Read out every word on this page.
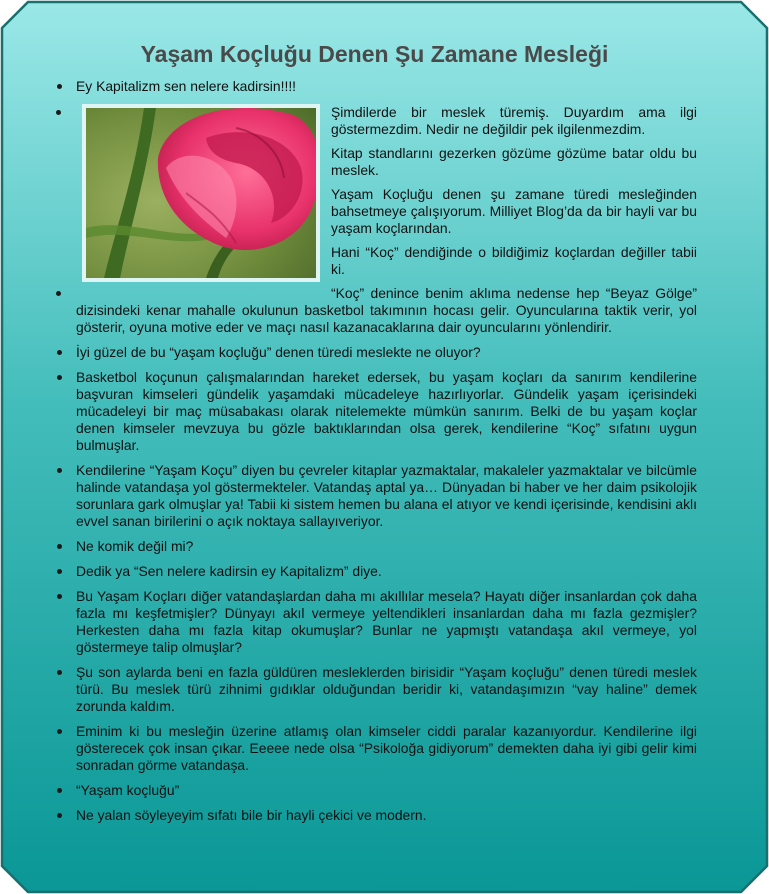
Yaşam Koçluğu Denen Şu Zamane Mesleği
Ey Kapitalizm sen nelere kadirsin!!!!

Şimdilerde bir meslek türemiş. Duyardım ama ilgi göstermezdim. Nedir ne değildir pek ilgilenmezdim.

Kitap standlarını gezerken gözüme gözüme batar oldu bu meslek.

Yaşam Koçluğu denen şu zamane türedi mesleğinden bahsetmeye çalışıyorum. Milliyet Blog’da da bir hayli var bu yaşam koçlarından.

Hani “Koç” dendiğinde o bildiğimiz koçlardan değiller tabii ki.

“Koç” denince benim aklıma nedense hep “Beyaz Gölge” dizisindeki kenar mahalle okulunun basketbol takımının hocası gelir. Oyuncularına taktik verir, yol gösterir, oyuna motive eder ve maçı nasıl kazanacaklarına dair oyuncularını yönlendirir.

İyi güzel de bu “yaşam koçluğu” denen türedi meslekte ne oluyor?
Basketbol koçunun çalışmalarından hareket edersek, bu yaşam koçları da sanırım kendilerine başvuran kimseleri gündelik yaşamdaki mücadeleye hazırlıyorlar. Gündelik yaşam içerisindeki mücadeleyi bir maç müsabakası olarak nitelemekte mümkün sanırım. Belki de bu yaşam koçlar denen kimseler mevzuya bu gözle baktıklarından olsa gerek, kendilerine “Koç” sıfatını uygun bulmuşlar.
Kendilerine “Yaşam Koçu” diyen bu çevreler kitaplar yazmaktalar, makaleler yazmaktalar ve bilcümle halinde vatandaşa yol göstermekteler. Vatandaş aptal ya… Dünyadan bi haber ve her daim psikolojik sorunlara gark olmuşlar ya! Tabii ki sistem hemen bu alana el atıyor ve kendi içerisinde, kendisini aklı evvel sanan birilerini o açık noktaya sallayıveriyor.
Ne komik değil mi?
Dedik ya “Sen nelere kadirsin ey Kapitalizm” diye.
Bu Yaşam Koçları diğer vatandaşlardan daha mı akıllılar mesela? Hayatı diğer insanlardan çok daha fazla mı keşfetmişler? Dünyayı akıl vermeye yeltendikleri insanlardan daha mı fazla gezmişler? Herkesten daha mı fazla kitap okumuşlar? Bunlar ne yapmıştı vatandaşa akıl vermeye, yol göstermeye talip olmuşlar?
Şu son aylarda beni en fazla güldüren mesleklerden birisidir “Yaşam koçluğu” denen türedi meslek türü. Bu meslek türü zihnimi gıdıklar olduğundan beridir ki, vatandaşımızın “vay haline” demek zorunda kaldım.
Eminim ki bu mesleğin üzerine atlamış olan kimseler ciddi paralar kazanıyordur. Kendilerine ilgi gösterecek çok insan çıkar. Eeeee nede olsa “Psikoloğa gidiyorum” demekten daha iyi gibi gelir kimi sonradan görme vatandaşa.
“Yaşam koçluğu”
Ne yalan söyleyeyim sıfatı bile bir hayli çekici ve modern.
